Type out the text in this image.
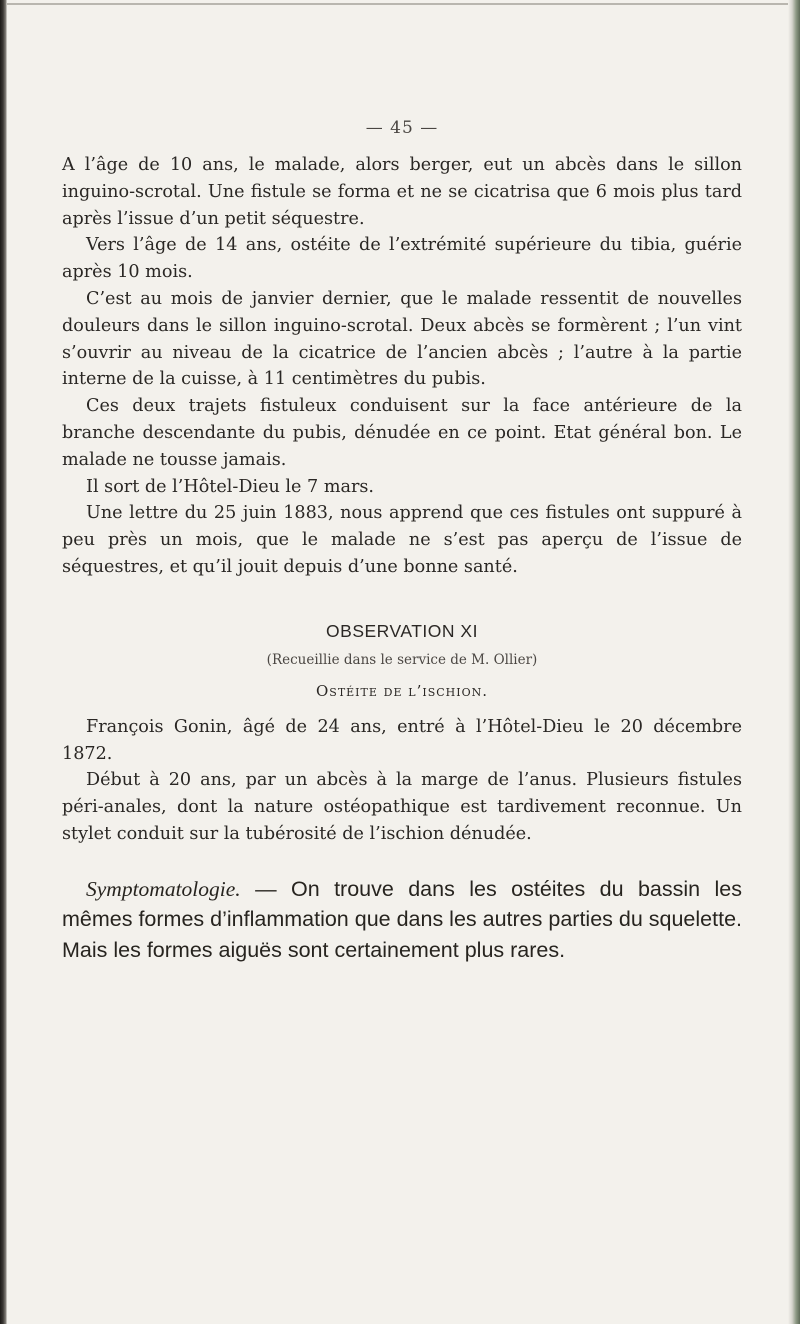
— 45 —

A l’âge de 10 ans, le malade, alors berger, eut un abcès dans le sillon inguino-scrotal. Une fistule se forma et ne se cicatrisa que 6 mois plus tard après l’issue d’un petit séquestre.

Vers l’âge de 14 ans, ostéite de l’extrémité supérieure du tibia, guérie après 10 mois.

C’est au mois de janvier dernier, que le malade ressentit de nouvelles douleurs dans le sillon inguino-scrotal. Deux abcès se formèrent ; l’un vint s’ouvrir au niveau de la cicatrice de l’ancien abcès ; l’autre à la partie interne de la cuisse, à 11 centimètres du pubis.

Ces deux trajets fistuleux conduisent sur la face antérieure de la branche descendante du pubis, dénudée en ce point. Etat général bon. Le malade ne tousse jamais.

Il sort de l’Hôtel-Dieu le 7 mars.

Une lettre du 25 juin 1883, nous apprend que ces fistules ont suppuré à peu près un mois, que le malade ne s’est pas aperçu de l’issue de séquestres, et qu’il jouit depuis d’une bonne santé.

OBSERVATION XI
(Recueillie dans le service de M. Ollier)
Ostéite de l’ischion.

François Gonin, âgé de 24 ans, entré à l’Hôtel-Dieu le 20 décembre 1872.

Début à 20 ans, par un abcès à la marge de l’anus. Plusieurs fistules péri-anales, dont la nature ostéopathique est tardivement reconnue. Un stylet conduit sur la tubérosité de l’ischion dénudée.

Symptomatologie. — On trouve dans les ostéites du bassin les mêmes formes d’inflammation que dans les autres parties du squelette. Mais les formes aiguës sont certainement plus rares.
